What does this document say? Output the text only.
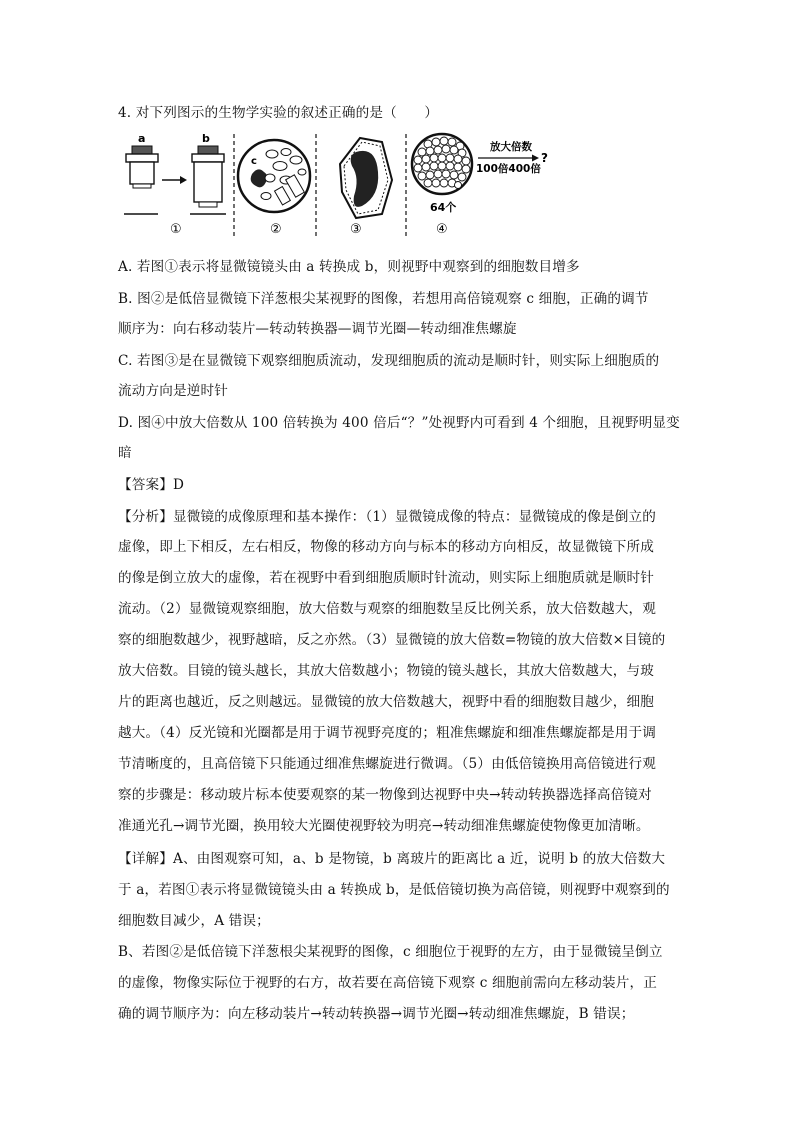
4. 对下列图示的生物学实验的叙述正确的是（　　）
a	b
c
②
①	③
64个
放大倍数
?
100倍400倍
④
A. 若图①表示将显微镜镜头由 a 转换成 b，则视野中观察到的细胞数目增多
B. 图②是低倍显微镜下洋葱根尖某视野的图像，若想用高倍镜观察 c 细胞，正确的调节
顺序为：向右移动装片—转动转换器—调节光圈—转动细准焦螺旋
C. 若图③是在显微镜下观察细胞质流动，发现细胞质的流动是顺时针，则实际上细胞质的
流动方向是逆时针
D. 图④中放大倍数从 100 倍转换为 400 倍后“？”处视野内可看到 4 个细胞，且视野明显变
暗
【答案】D
【分析】显微镜的成像原理和基本操作：（1）显微镜成像的特点：显微镜成的像是倒立的
虚像，即上下相反，左右相反，物像的移动方向与标本的移动方向相反，故显微镜下所成
的像是倒立放大的虚像，若在视野中看到细胞质顺时针流动，则实际上细胞质就是顺时针
流动。（2）显微镜观察细胞，放大倍数与观察的细胞数呈反比例关系，放大倍数越大，观
察的细胞数越少，视野越暗，反之亦然。（3）显微镜的放大倍数=物镜的放大倍数×目镜的
放大倍数。目镜的镜头越长，其放大倍数越小；物镜的镜头越长，其放大倍数越大，与玻
片的距离也越近，反之则越远。显微镜的放大倍数越大，视野中看的细胞数目越少，细胞
越大。（4）反光镜和光圈都是用于调节视野亮度的；粗准焦螺旋和细准焦螺旋都是用于调
节清晰度的，且高倍镜下只能通过细准焦螺旋进行微调。（5）由低倍镜换用高倍镜进行观
察的步骤是：移动玻片标本使要观察的某一物像到达视野中央→转动转换器选择高倍镜对
准通光孔→调节光圈，换用较大光圈使视野较为明亮→转动细准焦螺旋使物像更加清晰。
【详解】A、由图观察可知，a、b 是物镜，b 离玻片的距离比 a 近，说明 b 的放大倍数大
于 a，若图①表示将显微镜镜头由 a 转换成 b，是低倍镜切换为高倍镜，则视野中观察到的
细胞数目减少，A 错误；
B、若图②是低倍镜下洋葱根尖某视野的图像，c 细胞位于视野的左方，由于显微镜呈倒立
的虚像，物像实际位于视野的右方，故若要在高倍镜下观察 c 细胞前需向左移动装片，正
确的调节顺序为：向左移动装片→转动转换器→调节光圈→转动细准焦螺旋，B 错误；
